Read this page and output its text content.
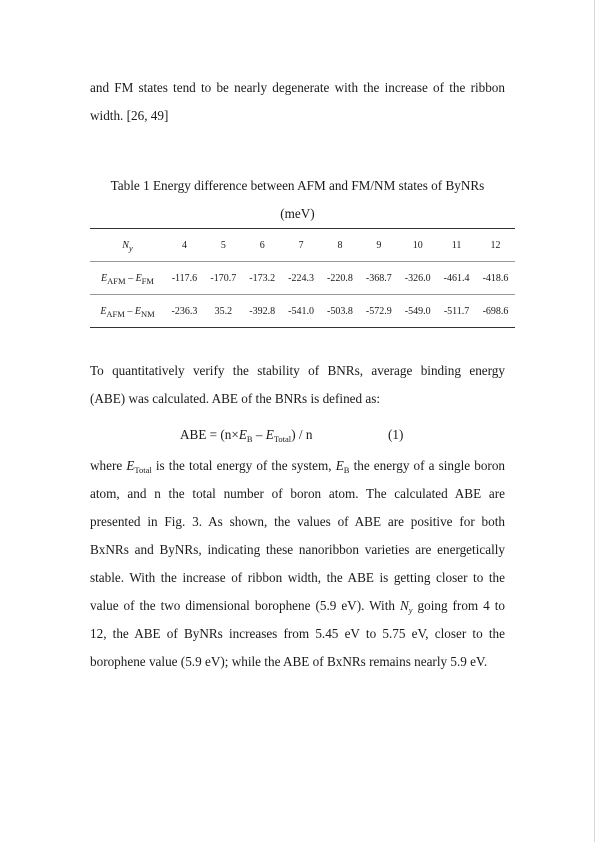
and FM states tend to be nearly degenerate with the increase of the ribbon
width. [26, 49]
Table 1 Energy difference between AFM and FM/NM states of ByNRs
(meV)
$N_y$	4	5	6	7	8	9	10	11	12
$E_{AFM} - E_{FM}$	-117.6	-170.7	-173.2	-224.3	-220.8	-368.7	-326.0	-461.4	-418.6
$E_{AFM} - E_{NM}$	-236.3	35.2	-392.8	-541.0	-503.8	-572.9	-549.0	-511.7	-698.6
To quantitatively verify the stability of BNRs, average binding energy
(ABE) was calculated. ABE of the BNRs is defined as:
ABE = $(n\times E_B - E_{Total}) / n$	(1)
where $E_{Total}$ is the total energy of the system, $E_B$ the energy of a single boron
atom, and n the total number of boron atom. The calculated ABE are
presented in Fig. 3. As shown, the values of ABE are positive for both
BxNRs and ByNRs, indicating these nanoribbon varieties are energetically
stable. With the increase of ribbon width, the ABE is getting closer to the
value of the two dimensional borophene (5.9 eV). With $N_y$ going from 4 to
12, the ABE of ByNRs increases from 5.45 eV to 5.75 eV, closer to the
borophene value (5.9 eV); while the ABE of BxNRs remains nearly 5.9 eV.
